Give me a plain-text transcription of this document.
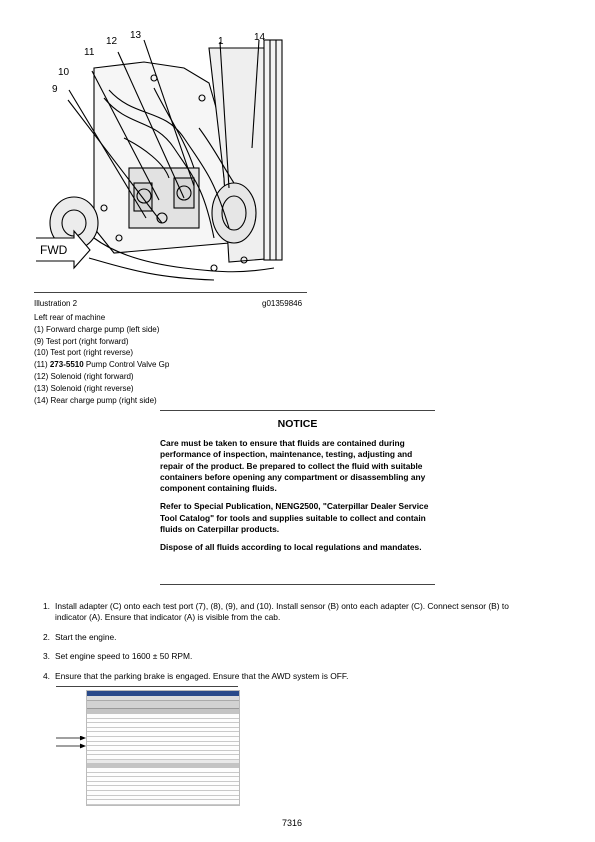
13
12	1	14
11
10
9
FWD
Illustration 2	g01359846
Left rear of machine
(1) Forward charge pump (left side)
(9) Test port (right forward)
(10) Test port (right reverse)
(11) 273-5510 Pump Control Valve Gp
(12) Solenoid (right forward)
(13) Solenoid (right reverse)
(14) Rear charge pump (right side)
NOTICE

Care must be taken to ensure that fluids are contained during performance of inspection, maintenance, testing, adjusting and repair of the product. Be prepared to collect the fluid with suitable containers before opening any compartment or disassembling any component containing fluids.

Refer to Special Publication, NENG2500, "Caterpillar Dealer Service Tool Catalog" for tools and supplies suitable to collect and contain fluids on Caterpillar products.

Dispose of all fluids according to local regulations and mandates.

1. Install adapter (C) onto each test port (7), (8), (9), and (10). Install sensor (B) onto each adapter (C). Connect sensor (B) to
indicator (A). Ensure that indicator (A) is visible from the cab.
2. Start the engine.
3. Set engine speed to 1600 ± 50 RPM.
4. Ensure that the parking brake is engaged. Ensure that the AWD system is OFF.
7316
